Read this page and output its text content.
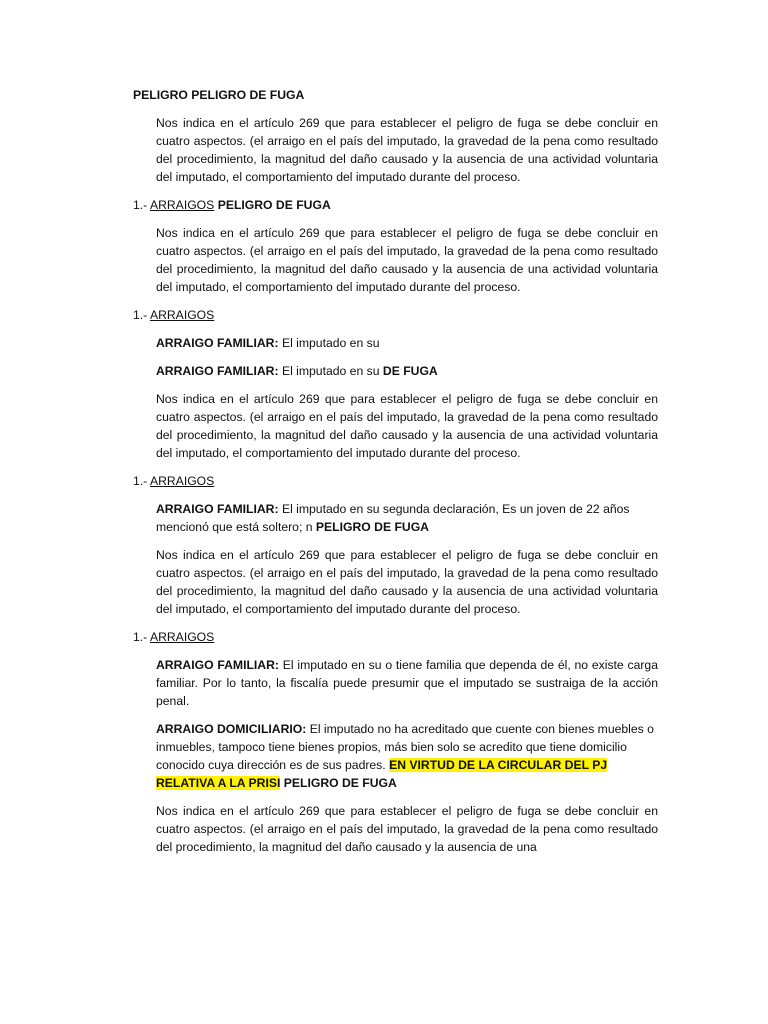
PELIGRO PELIGRO DE FUGA

Nos indica en el artículo 269 que para establecer el peligro de fuga se debe concluir en cuatro aspectos. (el arraigo en el país del imputado, la gravedad de la pena como resultado del procedimiento, la magnitud del daño causado y la ausencia de una actividad voluntaria del imputado, el comportamiento del imputado durante del proceso.

1.- ARRAIGOS PELIGRO DE FUGA

Nos indica en el artículo 269 que para establecer el peligro de fuga se debe concluir en cuatro aspectos. (el arraigo en el país del imputado, la gravedad de la pena como resultado del procedimiento, la magnitud del daño causado y la ausencia de una actividad voluntaria del imputado, el comportamiento del imputado durante del proceso.

1.- ARRAIGOS

ARRAIGO FAMILIAR: El imputado en su

ARRAIGO FAMILIAR: El imputado en su DE FUGA

Nos indica en el artículo 269 que para establecer el peligro de fuga se debe concluir en cuatro aspectos. (el arraigo en el país del imputado, la gravedad de la pena como resultado del procedimiento, la magnitud del daño causado y la ausencia de una actividad voluntaria del imputado, el comportamiento del imputado durante del proceso.

1.- ARRAIGOS

ARRAIGO FAMILIAR: El imputado en su segunda declaración, Es un joven de 22 años mencionó que está soltero; n PELIGRO DE FUGA

Nos indica en el artículo 269 que para establecer el peligro de fuga se debe concluir en cuatro aspectos. (el arraigo en el país del imputado, la gravedad de la pena como resultado del procedimiento, la magnitud del daño causado y la ausencia de una actividad voluntaria del imputado, el comportamiento del imputado durante del proceso.

1.- ARRAIGOS

ARRAIGO FAMILIAR: El imputado en su o tiene familia que dependa de él, no existe carga familiar. Por lo tanto, la fiscalía puede presumir que el imputado se sustraiga de la acción penal.

ARRAIGO DOMICILIARIO: El imputado no ha acreditado que cuente con bienes muebles o inmuebles, tampoco tiene bienes propios, más bien solo se acredito que tiene domicilio conocido cuya dirección es de sus padres. EN VIRTUD DE LA CIRCULAR DEL PJ RELATIVA A LA PRISI PELIGRO DE FUGA

Nos indica en el artículo 269 que para establecer el peligro de fuga se debe concluir en cuatro aspectos. (el arraigo en el país del imputado, la gravedad de la pena como resultado del procedimiento, la magnitud del daño causado y la ausencia de una
